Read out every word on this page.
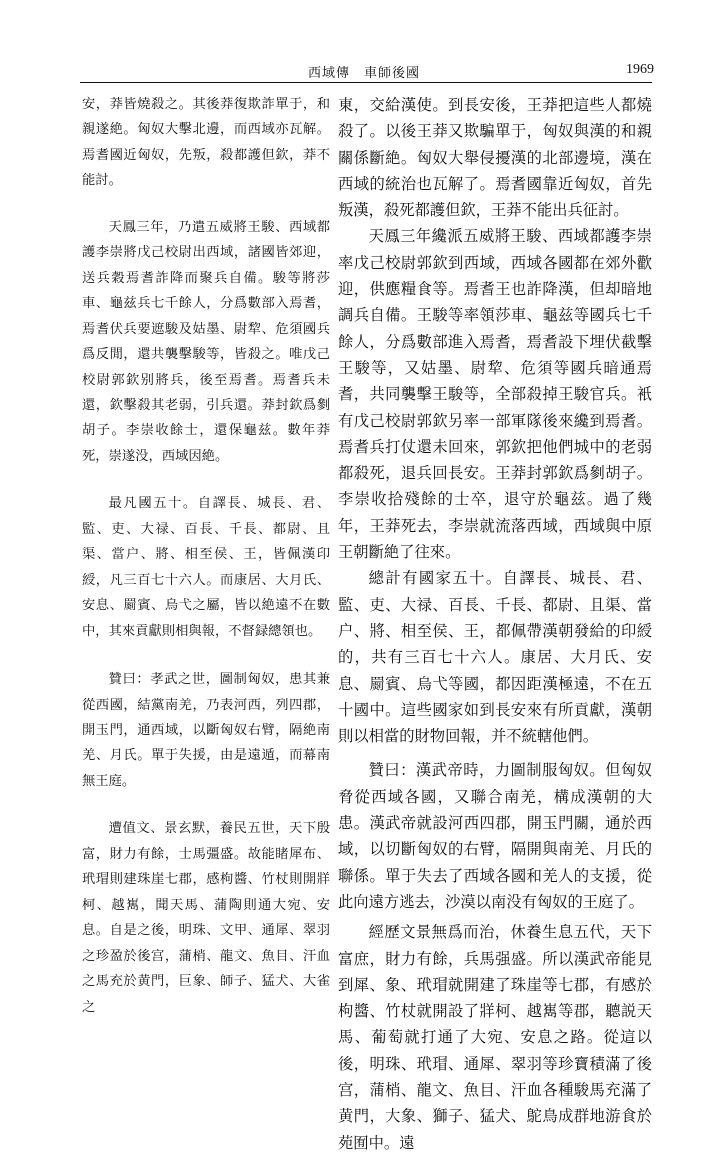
西域傳　車師後國	1969

安，莽皆燒殺之。其後莽復欺詐單于，和親遂絶。匈奴大擊北邊，而西域亦瓦解。焉耆國近匈奴，先叛，殺都護但欽，莽不能討。

天鳳三年，乃遣五威將王駿、西域都護李崇將戊己校尉出西域，諸國皆郊迎，送兵穀焉耆詐降而聚兵自備。駿等將莎車、龜兹兵七千餘人，分爲數部入焉耆，焉耆伏兵要遮駿及姑墨、尉犂、危須國兵爲反閒，還共襲擊駿等，皆殺之。唯戊己校尉郭欽别將兵，後至焉耆。焉耆兵未還，欽擊殺其老弱，引兵還。莽封欽爲剼胡子。李崇收餘士，還保龜兹。數年莽死，崇遂没，西域因絶。

最凡國五十。自譯長、城長、君、監、吏、大禄、百長、千長、都尉、且渠、當户、將、相至侯、王，皆佩漢印綬，凡三百七十六人。而康居、大月氏、安息、罽賓、烏弋之屬，皆以絶遠不在數中，其來貢獻則相與報，不督録總領也。

贊曰：孝武之世，圖制匈奴，患其兼從西國，結黨南羌，乃表河西，列四郡，開玉門，通西域，以斷匈奴右臂，隔絶南羌、月氏。單于失援，由是遠遁，而幕南無王庭。

遭值文、景玄默，養民五世，天下殷富，財力有餘，士馬彊盛。故能睹犀布、玳瑁則建珠崖七郡，感枸醬、竹杖則開牂柯、越嶲，聞天馬、蒲陶則通大宛、安息。自是之後，明珠、文甲、通犀、翠羽之珍盈於後宫，蒲梢、龍文、魚目、汗血之馬充於黄門，巨象、師子、猛犬、大雀之

東，交給漢使。到長安後，王莽把這些人都燒殺了。以後王莽又欺騙單于，匈奴與漢的和親關係斷絶。匈奴大舉侵擾漢的北部邊境，漢在西域的統治也瓦解了。焉耆國靠近匈奴，首先叛漢，殺死都護但欽，王莽不能出兵征討。

天鳳三年纔派五威將王駿、西域都護李崇率戊己校尉郭欽到西域，西域各國都在郊外歡迎，供應糧食等。焉耆王也詐降漢，但却暗地調兵自備。王駿等率領莎車、龜兹等國兵七千餘人，分爲數部進入焉耆，焉耆設下埋伏截擊王駿等，又姑墨、尉犂、危須等國兵暗通焉耆，共同襲擊王駿等，全部殺掉王駿官兵。衹有戊己校尉郭欽另率一部軍隊後來纔到焉耆。焉耆兵打仗還未回來，郭欽把他們城中的老弱都殺死，退兵回長安。王莽封郭欽爲剼胡子。李崇收拾殘餘的士卒，退守於龜兹。過了幾年，王莽死去，李崇就流落西域，西域與中原王朝斷絶了往來。

總計有國家五十。自譯長、城長、君、監、吏、大禄、百長、千長、都尉、且渠、當户、將、相至侯、王，都佩帶漢朝發給的印綬的，共有三百七十六人。康居、大月氏、安息、罽賓、烏弋等國，都因距漢極遠，不在五十國中。這些國家如到長安來有所貢獻，漢朝則以相當的財物回報，并不統轄他們。

贊曰：漢武帝時，力圖制服匈奴。但匈奴脅從西域各國，又聯合南羌，構成漢朝的大患。漢武帝就設河西四郡，開玉門關，通於西域，以切斷匈奴的右臂，隔開與南羌、月氏的聯係。單于失去了西域各國和羌人的支援，從此向遠方逃去，沙漠以南没有匈奴的王庭了。

經歷文景無爲而治，休養生息五代，天下富庶，財力有餘，兵馬强盛。所以漢武帝能見到犀、象、玳瑁就開建了珠崖等七郡，有感於枸醬、竹杖就開設了牂柯、越嶲等郡，聽説天馬、葡萄就打通了大宛、安息之路。從這以後，明珠、玳瑁、通犀、翠羽等珍寶積滿了後宫，蒲梢、龍文、魚目、汗血各種駿馬充滿了黄門，大象、獅子、猛犬、鴕鳥成群地游食於苑囿中。遠
